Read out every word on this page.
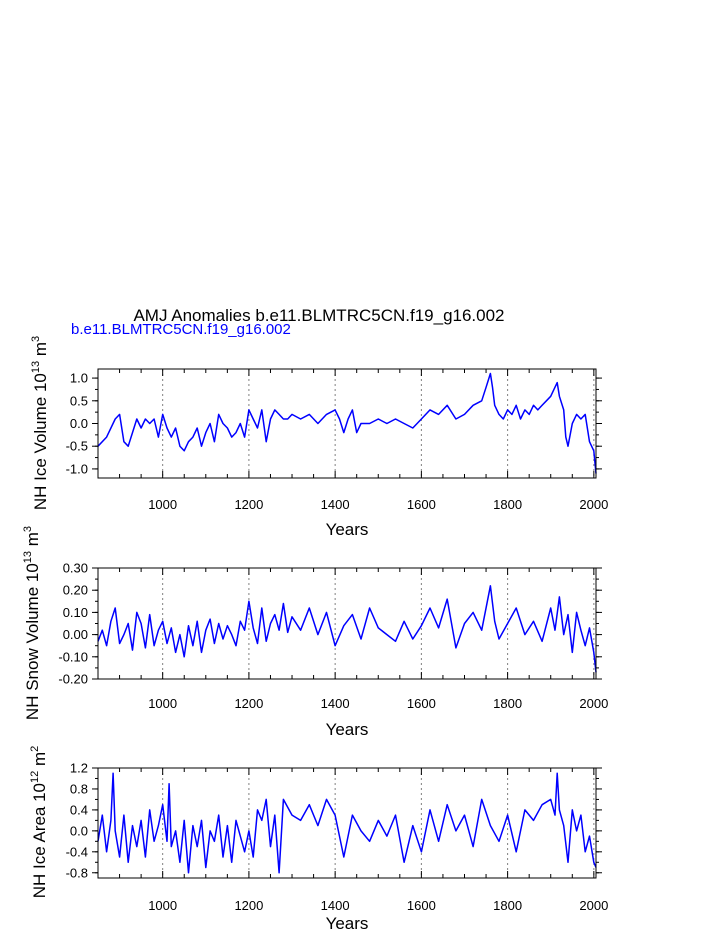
AMJ Anomalies b.e11.BLMTRC5CN.f19_g16.002
b.e11.BLMTRC5CN.f19_g16.002
1000	1200	1400	1600	1800	2000
-1.0
-0.5
0.0
0.5
1.0
Years
NH Ice Volume $10^{13}$ $m^3$
1000	1200	1400	1600	1800	2000
-0.20
-0.10
0.00
0.10
0.20
0.30
Years
NH Snow Volume $10^{13}$ $m^3$
1000	1200	1400	1600	1800	2000
-0.8
-0.4
0.0
0.4
0.8
1.2
Years
NH Ice Area $10^{12}$ $m^2$
